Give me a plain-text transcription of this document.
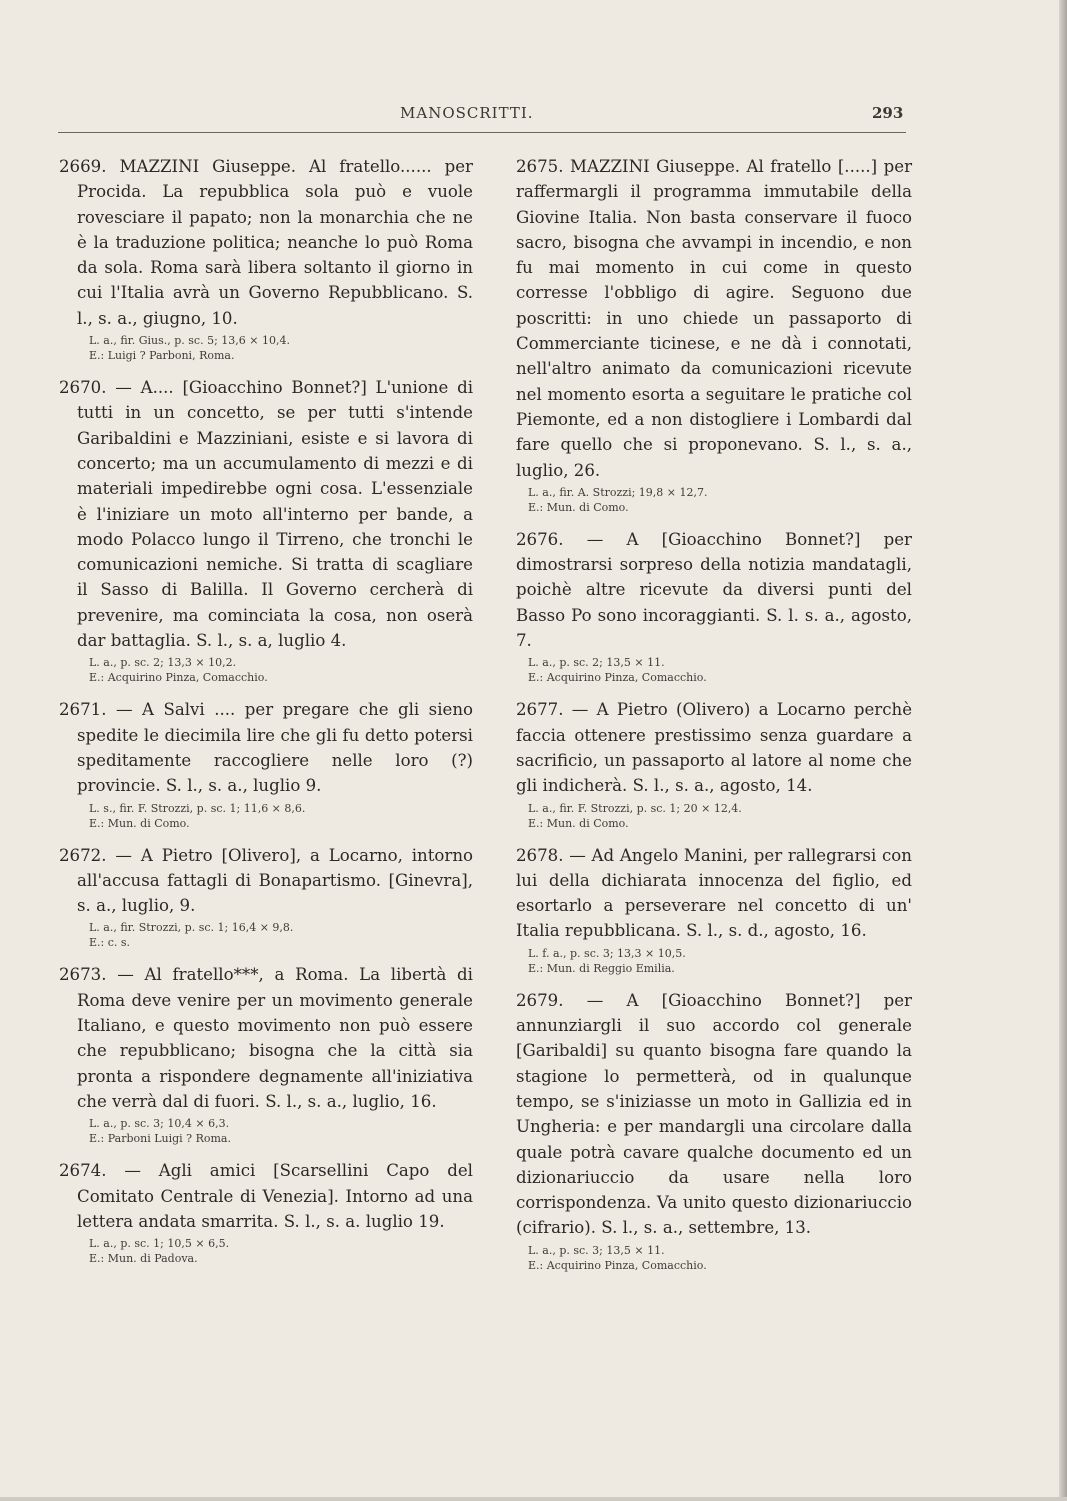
MANOSCRITTI.	293

2669. MAZZINI Giuseppe. Al fratello...... per Procida. La repubblica sola può e vuole rovesciare il papato; non la monarchia che ne è la traduzione politica; neanche lo può Roma da sola. Roma sarà libera soltanto il giorno in cui l'Italia avrà un Governo Repubblicano. S. l., s. a., giugno, 10.

L. a., fir. Gius., p. sc. 5; 13,6 × 10,4.
E.: Luigi ? Parboni, Roma.

2670. — A.... [Gioacchino Bonnet?] L'unione di tutti in un concetto, se per tutti s'intende Garibaldini e Mazziniani, esiste e si lavora di concerto; ma un accumulamento di mezzi e di materiali impedirebbe ogni cosa. L'essenziale è l'iniziare un moto all'interno per bande, a modo Polacco lungo il Tirreno, che tronchi le comunicazioni nemiche. Si tratta di scagliare il Sasso di Balilla. Il Governo cercherà di prevenire, ma cominciata la cosa, non oserà dar battaglia. S. l., s. a, luglio 4.

L. a., p. sc. 2; 13,3 × 10,2.
E.: Acquirino Pinza, Comacchio.

2671. — A Salvi .... per pregare che gli sieno spedite le diecimila lire che gli fu detto potersi speditamente raccogliere nelle loro (?) provincie. S. l., s. a., luglio 9.

L. s., fir. F. Strozzi, p. sc. 1; 11,6 × 8,6.
E.: Mun. di Como.

2672. — A Pietro [Olivero], a Locarno, intorno all'accusa fattagli di Bonapartismo. [Ginevra], s. a., luglio, 9.

L. a., fir. Strozzi, p. sc. 1; 16,4 × 9,8.
E.: c. s.

2673. — Al fratello***, a Roma. La libertà di Roma deve venire per un movimento generale Italiano, e questo movimento non può essere che repubblicano; bisogna che la città sia pronta a rispondere degnamente all'iniziativa che verrà dal di fuori. S. l., s. a., luglio, 16.

L. a., p. sc. 3; 10,4 × 6,3.
E.: Parboni Luigi ? Roma.

2674. — Agli amici [Scarsellini Capo del Comitato Centrale di Venezia]. Intorno ad una lettera andata smarrita. S. l., s. a. luglio 19.

L. a., p. sc. 1; 10,5 × 6,5.
E.: Mun. di Padova.

2675. MAZZINI Giuseppe. Al fratello [.....] per raffermargli il programma immutabile della Giovine Italia. Non basta conservare il fuoco sacro, bisogna che avvampi in incendio, e non fu mai momento in cui come in questo corresse l'obbligo di agire. Seguono due poscritti: in uno chiede un passaporto di Commerciante ticinese, e ne dà i connotati, nell'altro animato da comunicazioni ricevute nel momento esorta a seguitare le pratiche col Piemonte, ed a non distogliere i Lombardi dal fare quello che si proponevano. S. l., s. a., luglio, 26.

L. a., fir. A. Strozzi; 19,8 × 12,7.
E.: Mun. di Como.

2676. — A [Gioacchino Bonnet?] per dimostrarsi sorpreso della notizia mandatagli, poichè altre ricevute da diversi punti del Basso Po sono incoraggianti. S. l. s. a., agosto, 7.

L. a., p. sc. 2; 13,5 × 11.
E.: Acquirino Pinza, Comacchio.

2677. — A Pietro (Olivero) a Locarno perchè faccia ottenere prestissimo senza guardare a sacrificio, un passaporto al latore al nome che gli indicherà. S. l., s. a., agosto, 14.

L. a., fir. F. Strozzi, p. sc. 1; 20 × 12,4.
E.: Mun. di Como.

2678. — Ad Angelo Manini, per rallegrarsi con lui della dichiarata innocenza del figlio, ed esortarlo a perseverare nel concetto di un' Italia repubblicana. S. l., s. d., agosto, 16.

L. f. a., p. sc. 3; 13,3 × 10,5.
E.: Mun. di Reggio Emilia.

2679. — A [Gioacchino Bonnet?] per annunziargli il suo accordo col generale [Garibaldi] su quanto bisogna fare quando la stagione lo permetterà, od in qualunque tempo, se s'iniziasse un moto in Gallizia ed in Ungheria: e per mandargli una circolare dalla quale potrà cavare qualche documento ed un dizionariuccio da usare nella loro corrispondenza. Va unito questo dizionariuccio (cifrario). S. l., s. a., settembre, 13.

L. a., p. sc. 3; 13,5 × 11.
E.: Acquirino Pinza, Comacchio.
